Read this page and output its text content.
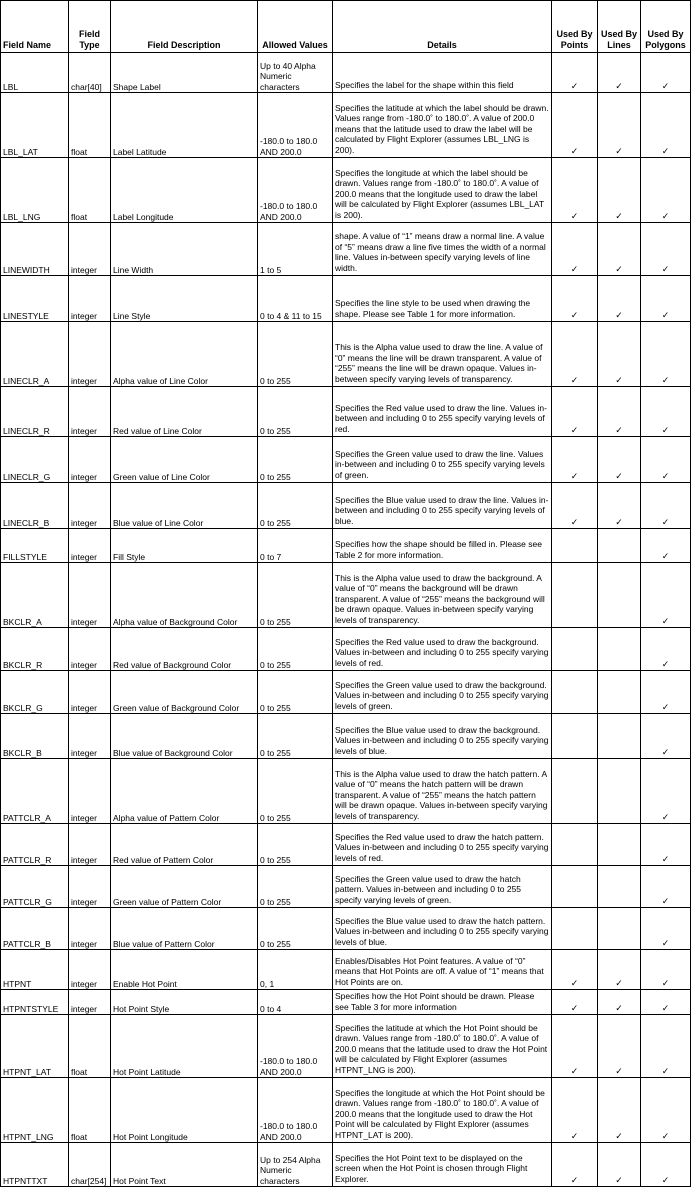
Field Name	Field Type	Field Description	Allowed Values	Details	Used By Points	Used By Lines	Used By Polygons
LBL	char[40]	Shape Label	Up to 40 Alpha Numeric characters	Specifies the label for the shape within this field	✓	✓	✓
LBL_LAT	float	Label Latitude	-180.0 to 180.0 AND 200.0	Specifies the latitude at which the label should be drawn. Values range from -180.0˚ to 180.0˚. A value of 200.0 means that the latitude used to draw the label will be calculated by Flight Explorer (assumes LBL_LNG is 200).	✓	✓	✓
LBL_LNG	float	Label Longitude	-180.0 to 180.0 AND 200.0	Specifies the longitude at which the label should be drawn. Values range from -180.0˚ to 180.0˚. A value of 200.0 means that the longitude used to draw the label will be calculated by Flight Explorer (assumes LBL_LAT is 200).	✓	✓	✓
LINEWIDTH	integer	Line Width	1 to 5	shape. A value of “1” means draw a normal line. A value of “5” means draw a line five times the width of a normal line. Values in-between specify varying levels of line width.	✓	✓	✓
LINESTYLE	integer	Line Style	0 to 4 & 11 to 15	Specifies the line style to be used when drawing the shape. Please see Table 1 for more information.	✓	✓	✓
LINECLR_A	integer	Alpha value of Line Color	0 to 255	This is the Alpha value used to draw the line. A value of “0” means the line will be drawn transparent. A value of “255” means the line will be drawn opaque. Values in-between specify varying levels of transparency.	✓	✓	✓
LINECLR_R	integer	Red value of Line Color	0 to 255	Specifies the Red value used to draw the line. Values in-between and including 0 to 255 specify varying levels of red.	✓	✓	✓
LINECLR_G	integer	Green value of Line Color	0 to 255	Specifies the Green value used to draw the line. Values in-between and including 0 to 255 specify varying levels of green.	✓	✓	✓
LINECLR_B	integer	Blue value of Line Color	0 to 255	Specifies the Blue value used to draw the line. Values in-between and including 0 to 255 specify varying levels of blue.	✓	✓	✓
FILLSTYLE	integer	Fill Style	0 to 7	Specifies how the shape should be filled in. Please see Table 2 for more information.			✓
BKCLR_A	integer	Alpha value of Background Color	0 to 255	This is the Alpha value used to draw the background. A value of “0” means the background will be drawn transparent. A value of “255” means the background will be drawn opaque. Values in-between specify varying levels of transparency.			✓
BKCLR_R	integer	Red value of Background Color	0 to 255	Specifies the Red value used to draw the background. Values in-between and including 0 to 255 specify varying levels of red.			✓
BKCLR_G	integer	Green value of Background Color	0 to 255	Specifies the Green value used to draw the background. Values in-between and including 0 to 255 specify varying levels of green.			✓
BKCLR_B	integer	Blue value of Background Color	0 to 255	Specifies the Blue value used to draw the background. Values in-between and including 0 to 255 specify varying levels of blue.			✓
PATTCLR_A	integer	Alpha value of Pattern Color	0 to 255	This is the Alpha value used to draw the hatch pattern. A value of “0” means the hatch pattern will be drawn transparent. A value of “255” means the hatch pattern will be drawn opaque. Values in-between specify varying levels of transparency.			✓
PATTCLR_R	integer	Red value of Pattern Color	0 to 255	Specifies the Red value used to draw the hatch pattern. Values in-between and including 0 to 255 specify varying levels of red.			✓
PATTCLR_G	integer	Green value of Pattern Color	0 to 255	Specifies the Green value used to draw the hatch pattern. Values in-between and including 0 to 255 specify varying levels of green.			✓
PATTCLR_B	integer	Blue value of Pattern Color	0 to 255	Specifies the Blue value used to draw the hatch pattern. Values in-between and including 0 to 255 specify varying levels of blue.			✓
HTPNT	integer	Enable Hot Point	0, 1	Enables/Disables Hot Point features. A value of “0” means that Hot Points are off. A value of “1” means that Hot Points are on.	✓	✓	✓
HTPNTSTYLE	integer	Hot Point Style	0 to 4	Specifies how the Hot Point should be drawn. Please see Table 3 for more information	✓	✓	✓
HTPNT_LAT	float	Hot Point Latitude	-180.0 to 180.0 AND 200.0	Specifies the latitude at which the Hot Point should be drawn. Values range from -180.0˚ to 180.0˚. A value of 200.0 means that the latitude used to draw the Hot Point will be calculated by Flight Explorer (assumes HTPNT_LNG is 200).	✓	✓	✓
HTPNT_LNG	float	Hot Point Longitude	-180.0 to 180.0 AND 200.0	Specifies the longitude at which the Hot Point should be drawn. Values range from -180.0˚ to 180.0˚. A value of 200.0 means that the longitude used to draw the Hot Point will be calculated by Flight Explorer (assumes HTPNT_LAT is 200).	✓	✓	✓
HTPNTTXT	char[254]	Hot Point Text	Up to 254 Alpha Numeric characters	Specifies the Hot Point text to be displayed on the screen when the Hot Point is chosen through Flight Explorer.	✓	✓	✓
